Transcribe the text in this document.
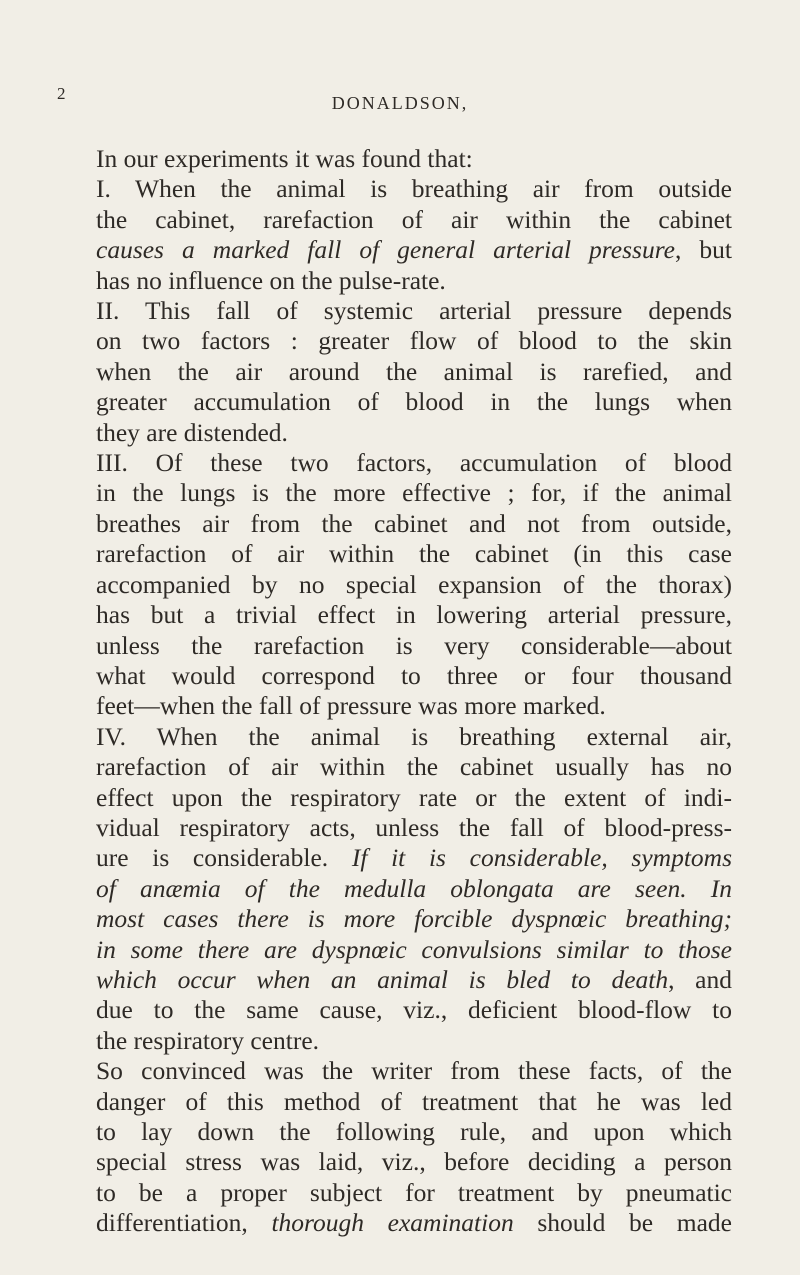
2	DONALDSON,

In our experiments it was found that:
I. When the animal is breathing air from outside
the cabinet, rarefaction of air within the cabinet
causes a marked fall of general arterial pressure, but
has no influence on the pulse-rate.
II. This fall of systemic arterial pressure depends
on two factors : greater flow of blood to the skin
when the air around the animal is rarefied, and
greater accumulation of blood in the lungs when
they are distended.
III. Of these two factors, accumulation of blood
in the lungs is the more effective ; for, if the animal
breathes air from the cabinet and not from outside,
rarefaction of air within the cabinet (in this case
accompanied by no special expansion of the thorax)
has but a trivial effect in lowering arterial pressure,
unless the rarefaction is very considerable—about
what would correspond to three or four thousand
feet—when the fall of pressure was more marked.
IV. When the animal is breathing external air,
rarefaction of air within the cabinet usually has no
effect upon the respiratory rate or the extent of indi-
vidual respiratory acts, unless the fall of blood-press-
ure is considerable. If it is considerable, symptoms
of anæmia of the medulla oblongata are seen. In
most cases there is more forcible dyspnœic breathing;
in some there are dyspnœic convulsions similar to those
which occur when an animal is bled to death, and
due to the same cause, viz., deficient blood-flow to
the respiratory centre.
So convinced was the writer from these facts, of the
danger of this method of treatment that he was led
to lay down the following rule, and upon which
special stress was laid, viz., before deciding a person
to be a proper subject for treatment by pneumatic
differentiation, thorough examination should be made
